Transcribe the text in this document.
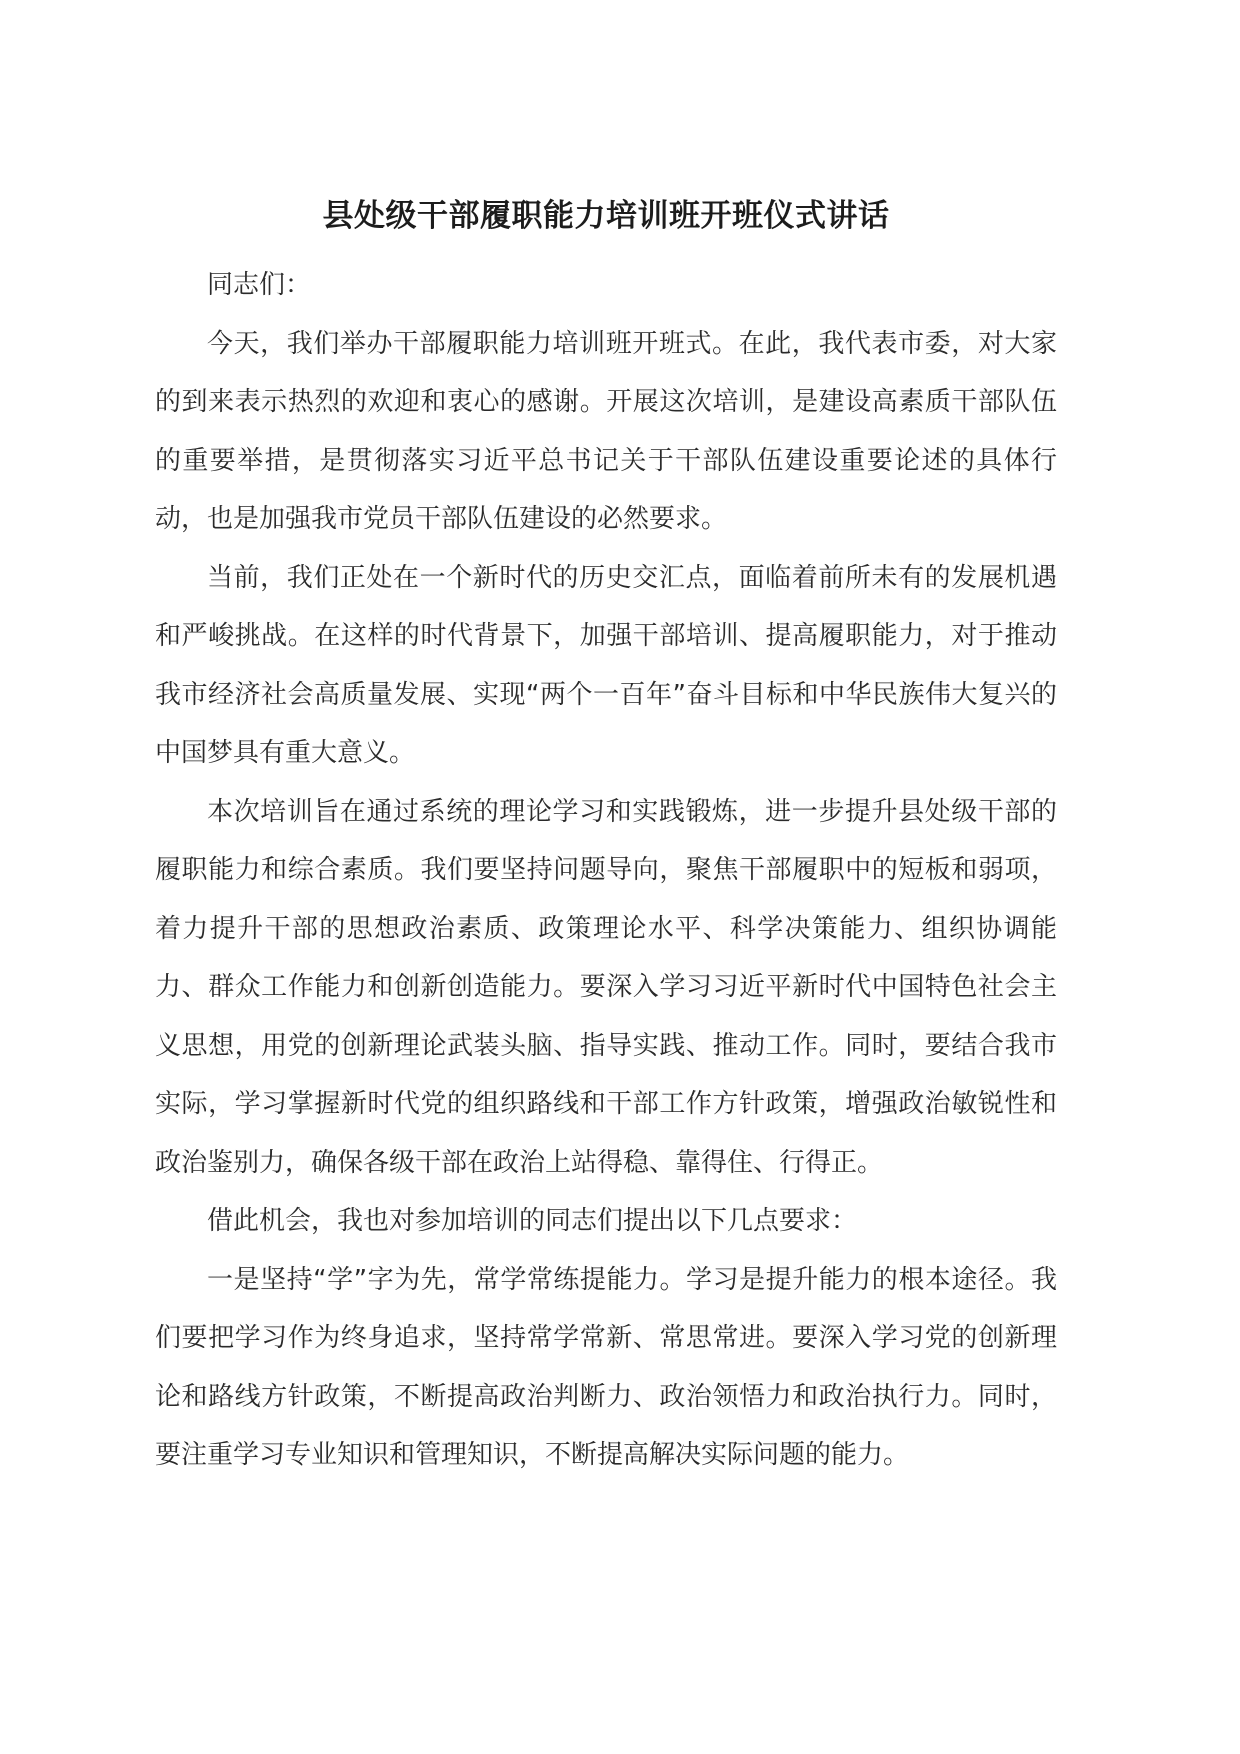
县处级干部履职能力培训班开班仪式讲话

同志们：

今天，我们举办干部履职能力培训班开班式。在此，我代表市委，对大家的到来表示热烈的欢迎和衷心的感谢。开展这次培训，是建设高素质干部队伍的重要举措，是贯彻落实习近平总书记关于干部队伍建设重要论述的具体行动，也是加强我市党员干部队伍建设的必然要求。

当前，我们正处在一个新时代的历史交汇点，面临着前所未有的发展机遇和严峻挑战。在这样的时代背景下，加强干部培训、提高履职能力，对于推动我市经济社会高质量发展、实现“两个一百年”奋斗目标和中华民族伟大复兴的中国梦具有重大意义。

本次培训旨在通过系统的理论学习和实践锻炼，进一步提升县处级干部的履职能力和综合素质。我们要坚持问题导向，聚焦干部履职中的短板和弱项，着力提升干部的思想政治素质、政策理论水平、科学决策能力、组织协调能力、群众工作能力和创新创造能力。要深入学习习近平新时代中国特色社会主义思想，用党的创新理论武装头脑、指导实践、推动工作。同时，要结合我市实际，学习掌握新时代党的组织路线和干部工作方针政策，增强政治敏锐性和政治鉴别力，确保各级干部在政治上站得稳、靠得住、行得正。

借此机会，我也对参加培训的同志们提出以下几点要求：

一是坚持“学”字为先，常学常练提能力。学习是提升能力的根本途径。我们要把学习作为终身追求，坚持常学常新、常思常进。要深入学习党的创新理论和路线方针政策，不断提高政治判断力、政治领悟力和政治执行力。同时，要注重学习专业知识和管理知识，不断提高解决实际问题的能力。
